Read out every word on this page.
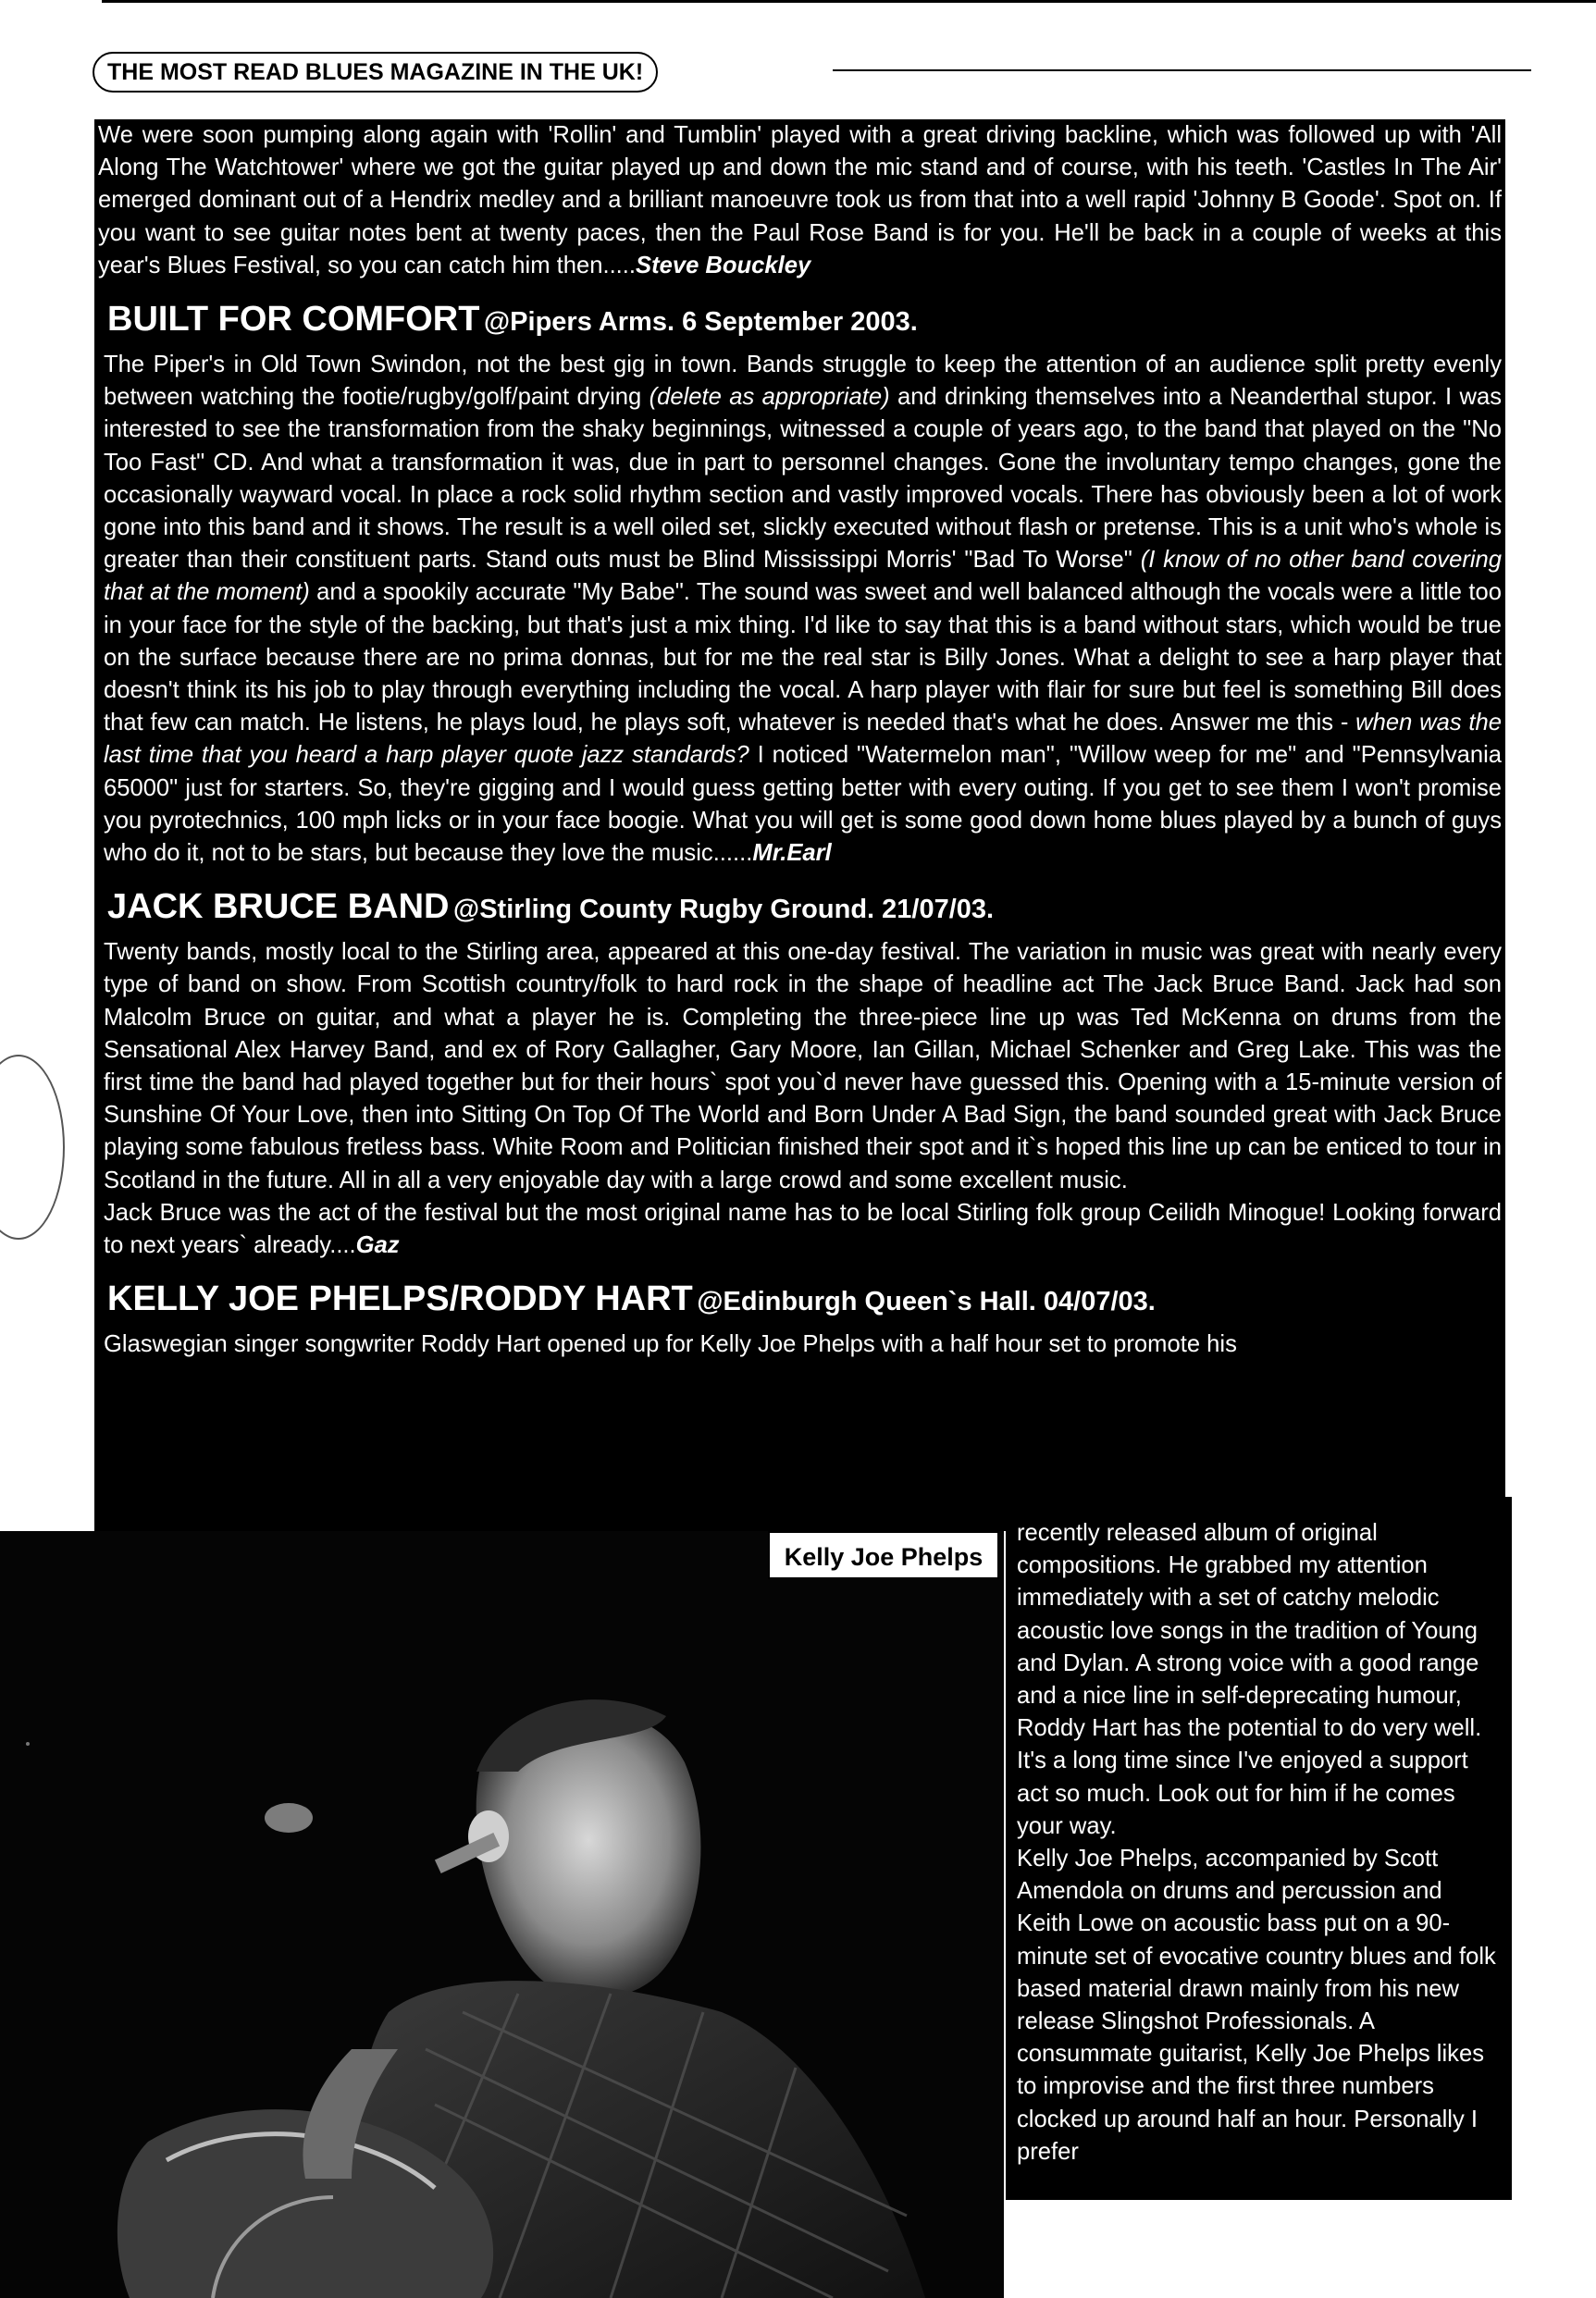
THE MOST READ BLUES MAGAZINE IN THE UK!

We were soon pumping along again with 'Rollin' and Tumblin' played with a great driving backline, which was followed up with 'All Along The Watchtower' where we got the guitar played up and down the mic stand and of course, with his teeth. 'Castles In The Air' emerged dominant out of a Hendrix medley and a brilliant manoeuvre took us from that into a well rapid 'Johnny B Goode'. Spot on. If you want to see guitar notes bent at twenty paces, then the Paul Rose Band is for you. He'll be back in a couple of weeks at this year's Blues Festival, so you can catch him then.....Steve Bouckley

BUILT FOR COMFORT @Pipers Arms. 6 September 2003.

The Piper's in Old Town Swindon, not the best gig in town. Bands struggle to keep the attention of an audience split pretty evenly between watching the footie/rugby/golf/paint drying (delete as appropriate) and drinking themselves into a Neanderthal stupor. I was interested to see the transformation from the shaky beginnings, witnessed a couple of years ago, to the band that played on the "No Too Fast" CD. And what a transformation it was, due in part to personnel changes. Gone the involuntary tempo changes, gone the occasionally wayward vocal. In place a rock solid rhythm section and vastly improved vocals. There has obviously been a lot of work gone into this band and it shows. The result is a well oiled set, slickly executed without flash or pretense. This is a unit who's whole is greater than their constituent parts. Stand outs must be Blind Mississippi Morris' "Bad To Worse" (I know of no other band covering that at the moment) and a spookily accurate "My Babe". The sound was sweet and well balanced although the vocals were a little too in your face for the style of the backing, but that's just a mix thing. I'd like to say that this is a band without stars, which would be true on the surface because there are no prima donnas, but for me the real star is Billy Jones. What a delight to see a harp player that doesn't think its his job to play through everything including the vocal. A harp player with flair for sure but feel is something Bill does that few can match. He listens, he plays loud, he plays soft, whatever is needed that's what he does. Answer me this - when was the last time that you heard a harp player quote jazz standards? I noticed "Watermelon man", "Willow weep for me" and "Pennsylvania 65000" just for starters. So, they're gigging and I would guess getting better with every outing. If you get to see them I won't promise you pyrotechnics, 100 mph licks or in your face boogie. What you will get is some good down home blues played by a bunch of guys who do it, not to be stars, but because they love the music......Mr.Earl

JACK BRUCE BAND @Stirling County Rugby Ground. 21/07/03.

Twenty bands, mostly local to the Stirling area, appeared at this one-day festival. The variation in music was great with nearly every type of band on show. From Scottish country/folk to hard rock in the shape of headline act The Jack Bruce Band. Jack had son Malcolm Bruce on guitar, and what a player he is. Completing the three-piece line up was Ted McKenna on drums from the Sensational Alex Harvey Band, and ex of Rory Gallagher, Gary Moore, Ian Gillan, Michael Schenker and Greg Lake. This was the first time the band had played together but for their hours` spot you`d never have guessed this. Opening with a 15-minute version of Sunshine Of Your Love, then into Sitting On Top Of The World and Born Under A Bad Sign, the band sounded great with Jack Bruce playing some fabulous fretless bass. White Room and Politician finished their spot and it`s hoped this line up can be enticed to tour in Scotland in the future. All in all a very enjoyable day with a large crowd and some excellent music.

Jack Bruce was the act of the festival but the most original name has to be local Stirling folk group Ceilidh Minogue! Looking forward to next years` already....Gaz

KELLY JOE PHELPS/RODDY HART @Edinburgh Queen`s Hall. 04/07/03.

Glaswegian singer songwriter Roddy Hart opened up for Kelly Joe Phelps with a half hour set to promote his

Kelly Joe Phelps

recently released album of original compositions. He grabbed my attention immediately with a set of catchy melodic acoustic love songs in the tradition of Young and Dylan. A strong voice with a good range and a nice line in self-deprecating humour, Roddy Hart has the potential to do very well. It's a long time since I've enjoyed a support act so much. Look out for him if he comes your way.

Kelly Joe Phelps, accompanied by Scott Amendola on drums and percussion and Keith Lowe on acoustic bass put on a 90-minute set of evocative country blues and folk based material drawn mainly from his new release Slingshot Professionals. A consummate guitarist, Kelly Joe Phelps likes to improvise and the first three numbers clocked up around half an hour. Personally I prefer
